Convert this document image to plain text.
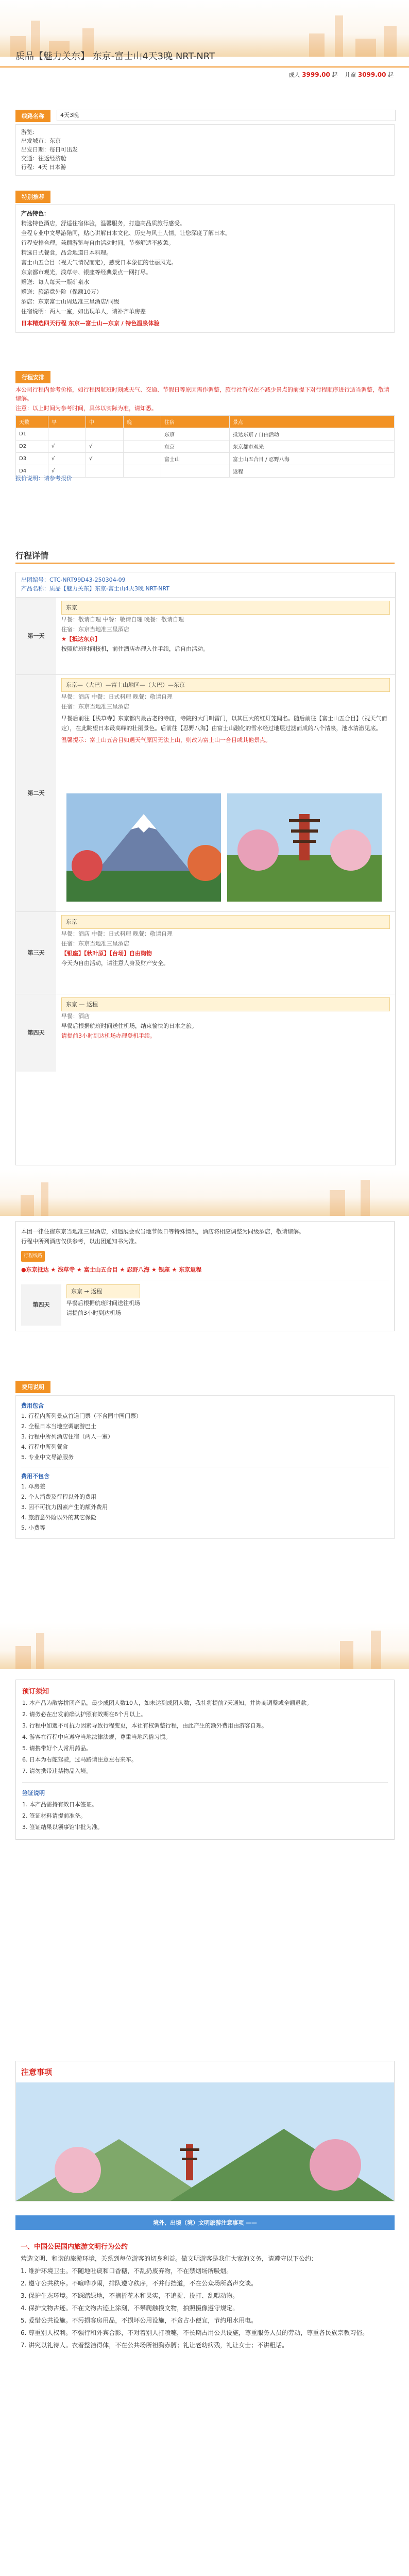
质品【魅力关东】 东京-富士山4天3晚 NRT-NRT
成人 3999.00 起 儿童 3099.00 起
线路名称	4天3晚
游览：
出发城市：东京
出发日期：每日可出发
交通：往返经济舱
行程：4天 日本游
特别推荐
产品特色：
精选特色酒店，舒适住宿体验，温馨服务，打造高品质旅行感受。
全程专业中文导游陪同，贴心讲解日本文化、历史与风土人情，让您深度了解日本。
行程安排合理，兼顾游览与自由活动时间，节奏舒适不疲惫。
精选日式餐食，品尝地道日本料理。
富士山五合目（视天气情况而定），感受日本象征的壮丽风光。
东京都市观光，浅草寺、银座等经典景点一网打尽。
赠送：每人每天一瓶矿泉水
赠送：旅游意外险（保额10万）
酒店：东京富士山周边准三星酒店/同级
住宿说明：两人一室，如出现单人，请补齐单房差
日本精选四天行程 东京—富士山—东京 / 特色温泉体验
行程安排
本公司行程内参考价格，如行程因航班时刻或天气、交通、节假日等原因需作调整，旅行社有权在不减少景点的前提下对行程顺序进行适当调整，敬请谅解。
注意：以上时间为参考时间，具体以实际为准，请知悉。
天数	早	中	晚	住宿	景点
D1				东京	抵达东京 / 自由活动
D2	√	√		东京	东京都市观光
D3	√	√		富士山	富士山五合目 / 忍野八海
D4	√				返程
报价说明：请参考报价
行程详情
出团编号：CTC-NRT99D43-250304-09
产品名称：质品【魅力关东】东京-富士山4天3晚 NRT-NRT
第一天
东京
早餐：敬请自理 中餐：敬请自理 晚餐：敬请自理
住宿：东京当地准三星酒店
★【抵达东京】
按照航班时间接机，前往酒店办理入住手续，后自由活动。
第二天
东京—（大巴）—富士山地区—（大巴）—东京
早餐：酒店 中餐：日式料理 晚餐：敬请自理
住宿：东京当地准三星酒店
早餐后前往【浅草寺】东京都内最古老的寺庙，寺院的大门叫雷门，以其巨大的红灯笼闻名。随后前往【富士山五合目】（视天气而定），在此眺望日本最高峰的壮丽景色。后前往【忍野八海】由富士山融化的雪水经过地层过滤而成的八个清泉，池水清澈见底。
温馨提示：富士山五合目如遇天气原因无法上山，则改为富士山一合目或其他景点。
第三天
东京
早餐：酒店 中餐：日式料理 晚餐：敬请自理
住宿：东京当地准三星酒店
【银座】【秋叶原】【台场】自由购物
今天为自由活动，请注意人身及财产安全。
第四天
东京 — 返程
早餐：酒店
早餐后根据航班时间送往机场，结束愉快的日本之旅。
请提前3小时到达机场办理登机手续。
本团一律住宿东京当地准三星酒店，如遇展会或当地节假日等特殊情况，酒店将相应调整为同级酒店，敬请谅解。
行程中所列酒店仅供参考，以出团通知书为准。
行程线路
●东京抵达 ★ 浅草寺 ★ 富士山五合目 ★ 忍野八海 ★ 银座 ★ 东京返程
第四天
东京 → 返程
早餐后根据航班时间送往机场
请提前3小时到达机场
费用说明
费用包含
1. 行程内所列景点首道门票（不含园中园门票）
2. 全程日本当地空调旅游巴士
3. 行程中所列酒店住宿（两人一室）
4. 行程中所列餐食
5. 专业中文导游服务
费用不包含
1. 单房差
2. 个人消费及行程以外的费用
3. 因不可抗力因素产生的额外费用
4. 旅游意外险以外的其它保险
5. 小费等
预订须知
1. 本产品为散客拼团产品，最少成团人数10人，如未达到成团人数，我社将提前7天通知，并协商调整或全额退款。
2. 请务必在出发前确认护照有效期在6个月以上。
3. 行程中如遇不可抗力因素导致行程变更，本社有权调整行程，由此产生的额外费用由游客自理。
4. 游客在行程中应遵守当地法律法规，尊重当地风俗习惯。
5. 请携带好个人常用药品。
6. 日本为右舵驾驶，过马路请注意左右来车。
7. 请勿携带违禁物品入境。
签证说明
1. 本产品需持有效日本签证。
2. 签证材料请提前准备。
3. 签证结果以领事馆审批为准。
注意事项
境外、出境（境）文明旅游注意事项 ——
一、中国公民国内旅游文明行为公约
营造文明、和谐的旅游环境，关系到每位游客的切身利益。做文明游客是我们大家的义务，请遵守以下公约：
1. 维护环境卫生。不随地吐痰和口香糖，不乱扔废弃物，不在禁烟场所吸烟。
2. 遵守公共秩序。不喧哗吵闹，排队遵守秩序，不并行挡道，不在公众场所高声交谈。
3. 保护生态环境。不踩踏绿地，不摘折花木和果实，不追捉、投打、乱喂动物。
4. 保护文物古迹。不在文物古迹上涂刻，不攀爬触摸文物，拍照摄像遵守规定。
5. 爱惜公共设施。不污损客房用品，不损坏公用设施，不贪占小便宜，节约用水用电。
6. 尊重别人权利。不强行和外宾合影，不对着别人打喷嚏，不长期占用公共设施，尊重服务人员的劳动，尊重各民族宗教习俗。
7. 讲究以礼待人。衣着整洁得体，不在公共场所袒胸赤膊；礼让老幼病残，礼让女士；不讲粗话。
